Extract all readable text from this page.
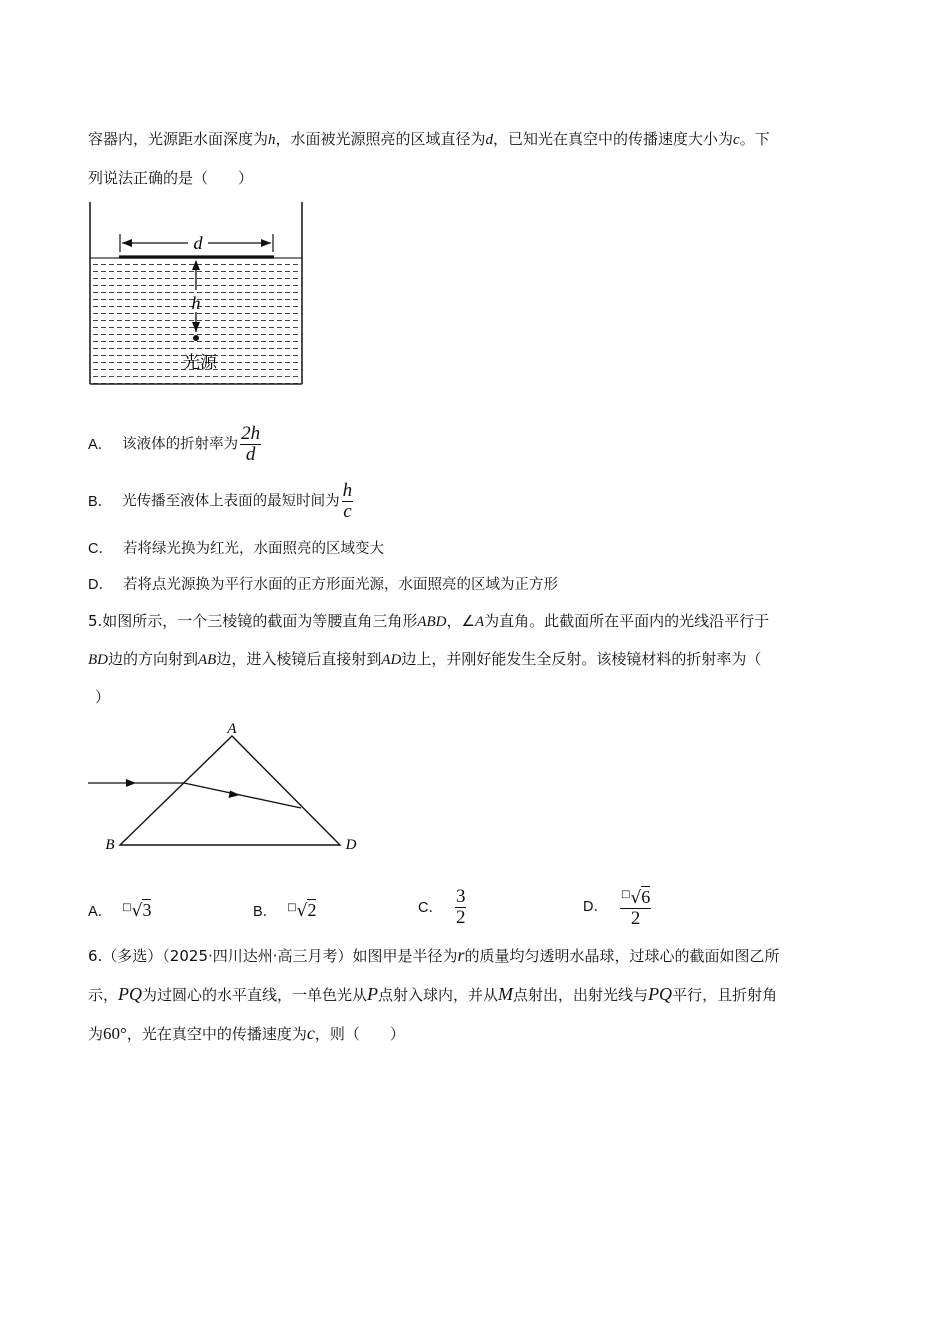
容器内，光源距水面深度为h，水面被光源照亮的区域直径为d，已知光在真空中的传播速度大小为c。下
列说法正确的是（　　）
d
h
光源
A． 该液体的折射率为 $\frac{2h}{d}$
B． 光传播至液体上表面的最短时间为 $\frac{h}{c}$
C． 若将绿光换为红光，水面照亮的区域变大
D． 若将点光源换为平行水面的正方形面光源，水面照亮的区域为正方形
5.如图所示，一个三棱镜的截面为等腰直角三角形ABD，∠A为直角。此截面所在平面内的光线沿平行于
BD边的方向射到AB边，进入棱镜后直接射到AD边上，并刚好能发生全反射。该棱镜材料的折射率为（
）
A
B	D
A． □√3	B． □√2	C． $\frac{3}{2}$	D． $\frac{^□√6}{2}$
6.（多选）（2025·四川达州·高三月考）如图甲是半径为r的质量均匀透明水晶球，过球心的截面如图乙所
示，PQ为过圆心的水平直线，一单色光从P点射入球内，并从M点射出，出射光线与PQ平行，且折射角
为60°，光在真空中的传播速度为c，则（　　）
